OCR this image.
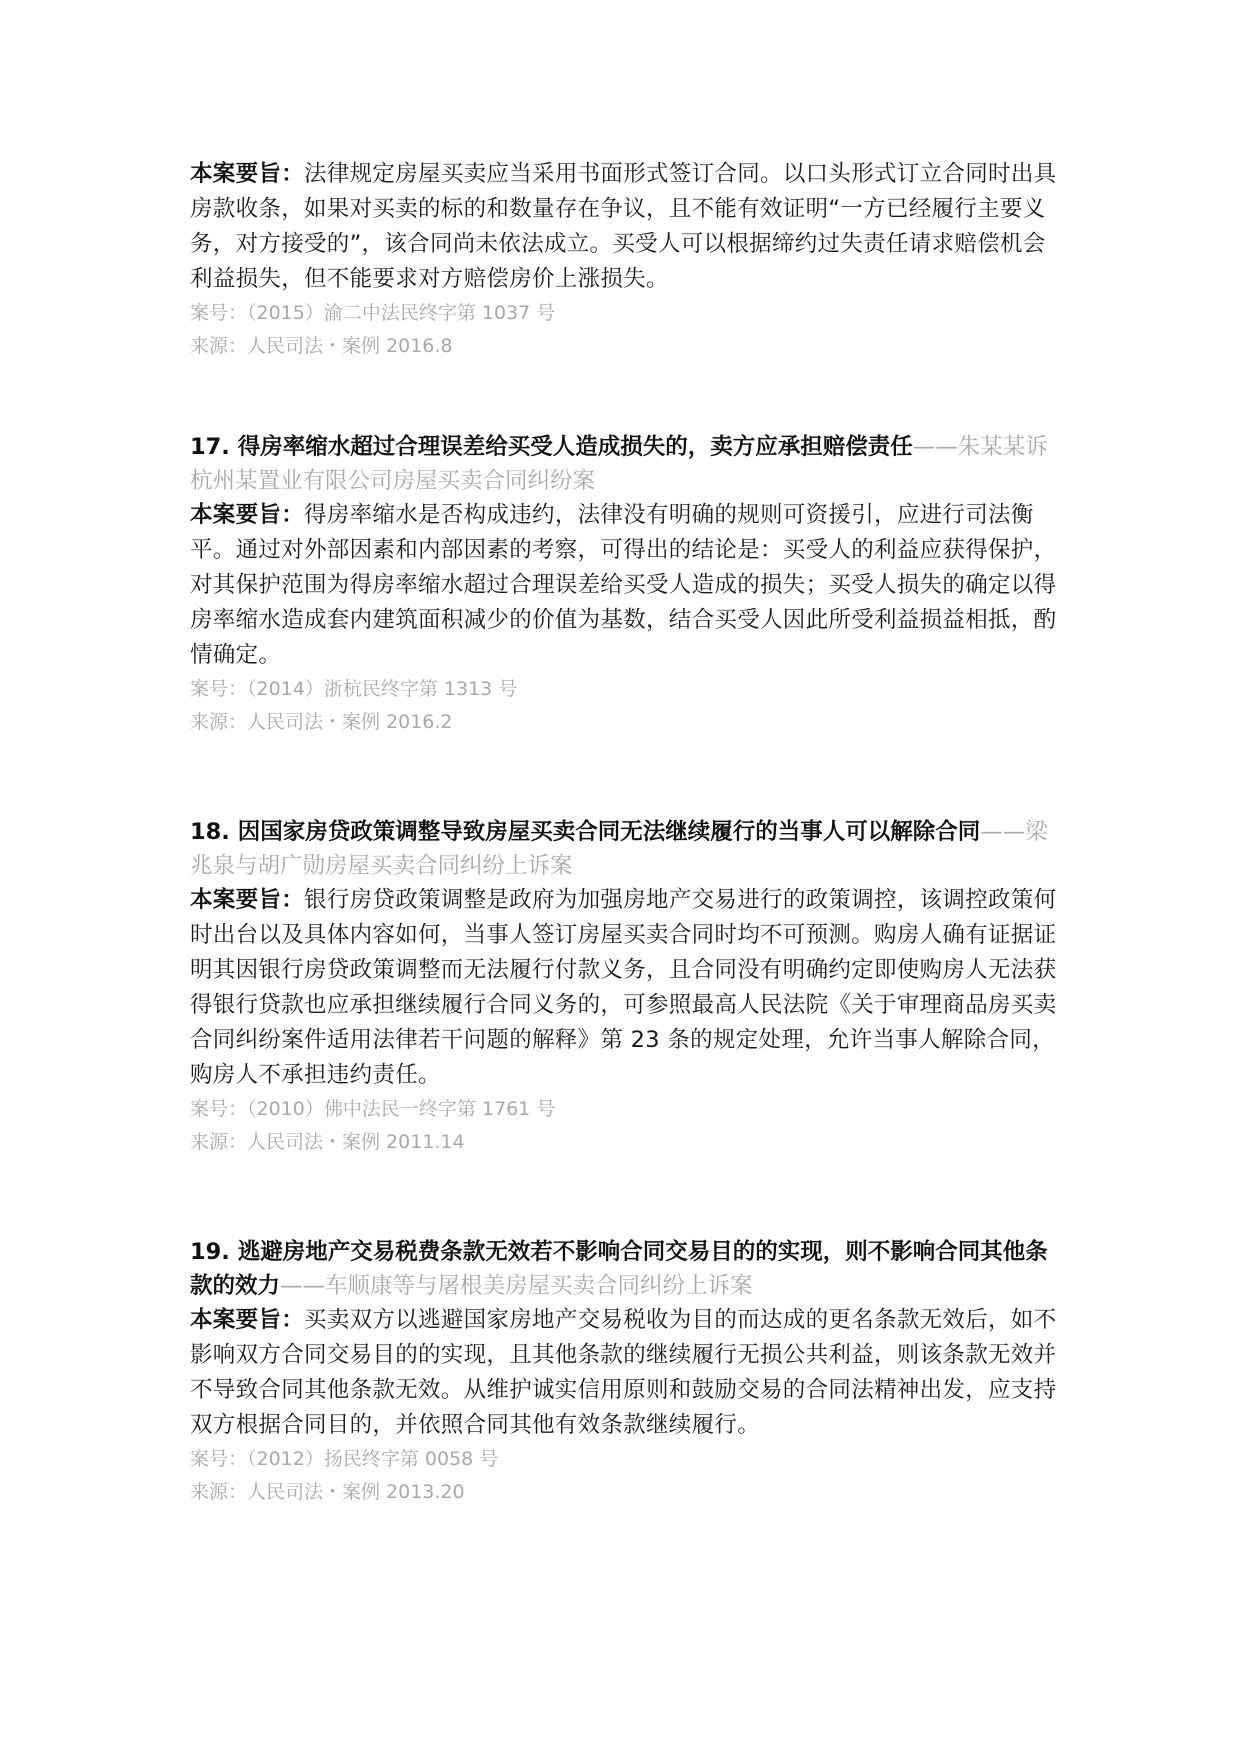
本案要旨：法律规定房屋买卖应当采用书面形式签订合同。以口头形式订立合同时出具房款收条，如果对买卖的标的和数量存在争议，且不能有效证明“一方已经履行主要义务，对方接受的”，该合同尚未依法成立。买受人可以根据缔约过失责任请求赔偿机会利益损失，但不能要求对方赔偿房价上涨损失。

案号：（2015）渝二中法民终字第 1037 号

来源：人民司法・案例 2016.8

17. 得房率缩水超过合理误差给买受人造成损失的，卖方应承担赔偿责任——朱某某诉杭州某置业有限公司房屋买卖合同纠纷案

本案要旨：得房率缩水是否构成违约，法律没有明确的规则可资援引，应进行司法衡平。通过对外部因素和内部因素的考察，可得出的结论是：买受人的利益应获得保护，对其保护范围为得房率缩水超过合理误差给买受人造成的损失；买受人损失的确定以得房率缩水造成套内建筑面积减少的价值为基数，结合买受人因此所受利益损益相抵，酌情确定。

案号：（2014）浙杭民终字第 1313 号

来源：人民司法・案例 2016.2

18. 因国家房贷政策调整导致房屋买卖合同无法继续履行的当事人可以解除合同——梁兆泉与胡广勋房屋买卖合同纠纷上诉案

本案要旨：银行房贷政策调整是政府为加强房地产交易进行的政策调控，该调控政策何时出台以及具体内容如何，当事人签订房屋买卖合同时均不可预测。购房人确有证据证明其因银行房贷政策调整而无法履行付款义务，且合同没有明确约定即使购房人无法获得银行贷款也应承担继续履行合同义务的，可参照最高人民法院《关于审理商品房买卖合同纠纷案件适用法律若干问题的解释》第 23 条的规定处理，允许当事人解除合同，购房人不承担违约责任。

案号：（2010）佛中法民一终字第 1761 号

来源：人民司法・案例 2011.14

19. 逃避房地产交易税费条款无效若不影响合同交易目的的实现，则不影响合同其他条款的效力——车顺康等与屠根美房屋买卖合同纠纷上诉案

本案要旨：买卖双方以逃避国家房地产交易税收为目的而达成的更名条款无效后，如不影响双方合同交易目的的实现，且其他条款的继续履行无损公共利益，则该条款无效并不导致合同其他条款无效。从维护诚实信用原则和鼓励交易的合同法精神出发，应支持双方根据合同目的，并依照合同其他有效条款继续履行。

案号：（2012）扬民终字第 0058 号

来源：人民司法・案例 2013.20
